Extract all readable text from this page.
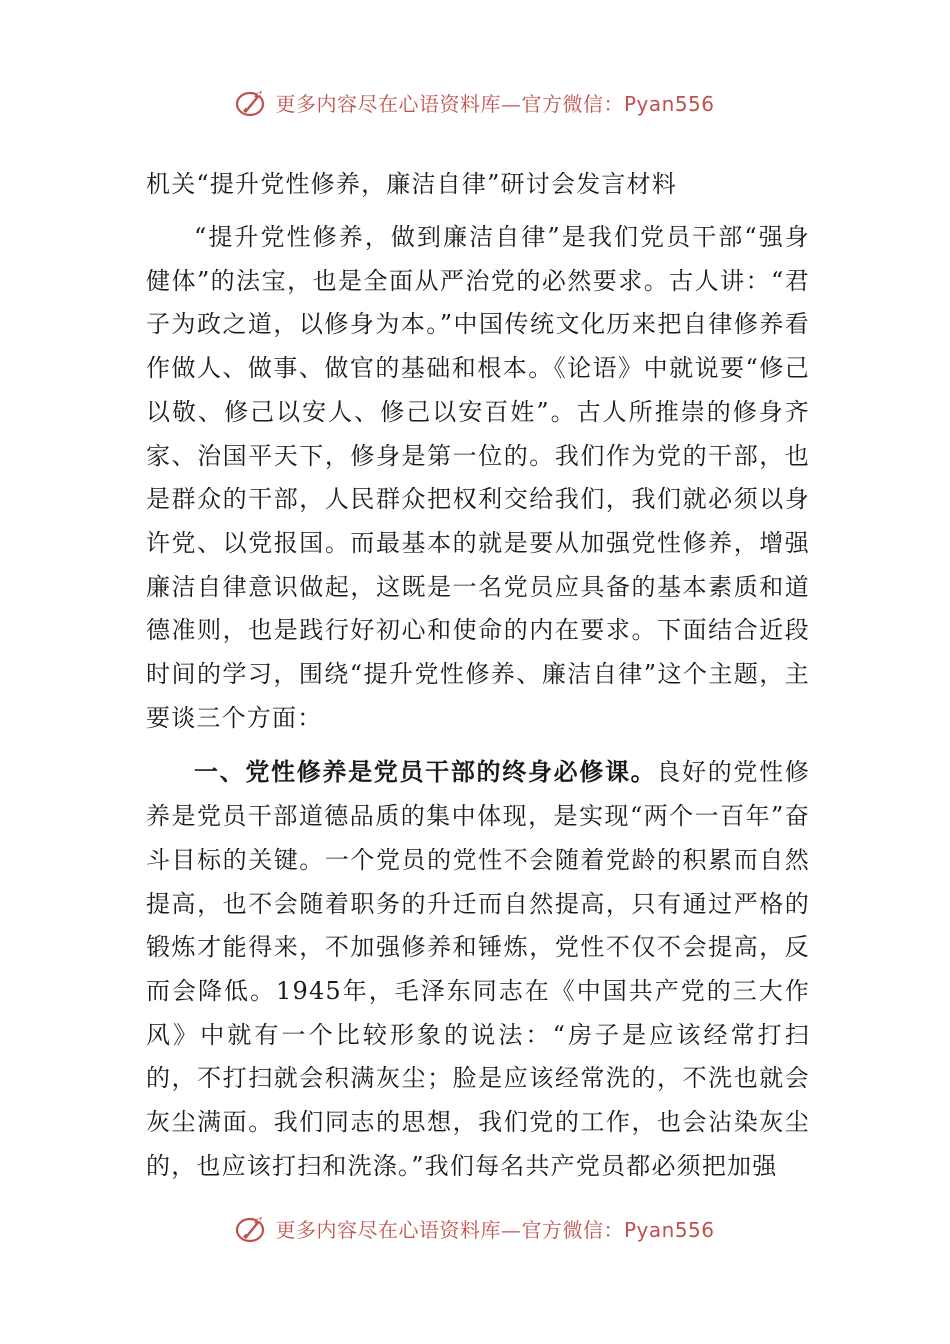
更多内容尽在心语资料库—官方微信：Pyan556
机关“提升党性修养，廉洁自律”研讨会发言材料

“提升党性修养，做到廉洁自律”是我们党员干部“强身健体”的法宝，也是全面从严治党的必然要求。古人讲：“君子为政之道，以修身为本。”中国传统文化历来把自律修养看作做人、做事、做官的基础和根本。《论语》中就说要“修己以敬、修己以安人、修己以安百姓”。古人所推崇的修身齐家、治国平天下，修身是第一位的。我们作为党的干部，也是群众的干部，人民群众把权利交给我们，我们就必须以身许党、以党报国。而最基本的就是要从加强党性修养，增强廉洁自律意识做起，这既是一名党员应具备的基本素质和道德准则，也是践行好初心和使命的内在要求。下面结合近段时间的学习，围绕“提升党性修养、廉洁自律”这个主题，主要谈三个方面：

一、党性修养是党员干部的终身必修课。良好的党性修养是党员干部道德品质的集中体现，是实现“两个一百年”奋斗目标的关键。一个党员的党性不会随着党龄的积累而自然提高，也不会随着职务的升迁而自然提高，只有通过严格的锻炼才能得来，不加强修养和锤炼，党性不仅不会提高，反而会降低。1945年，毛泽东同志在《中国共产党的三大作风》中就有一个比较形象的说法：“房子是应该经常打扫的，不打扫就会积满灰尘；脸是应该经常洗的，不洗也就会灰尘满面。我们同志的思想，我们党的工作，也会沾染灰尘的，也应该打扫和洗涤。”我们每名共产党员都必须把加强

更多内容尽在心语资料库—官方微信：Pyan556
